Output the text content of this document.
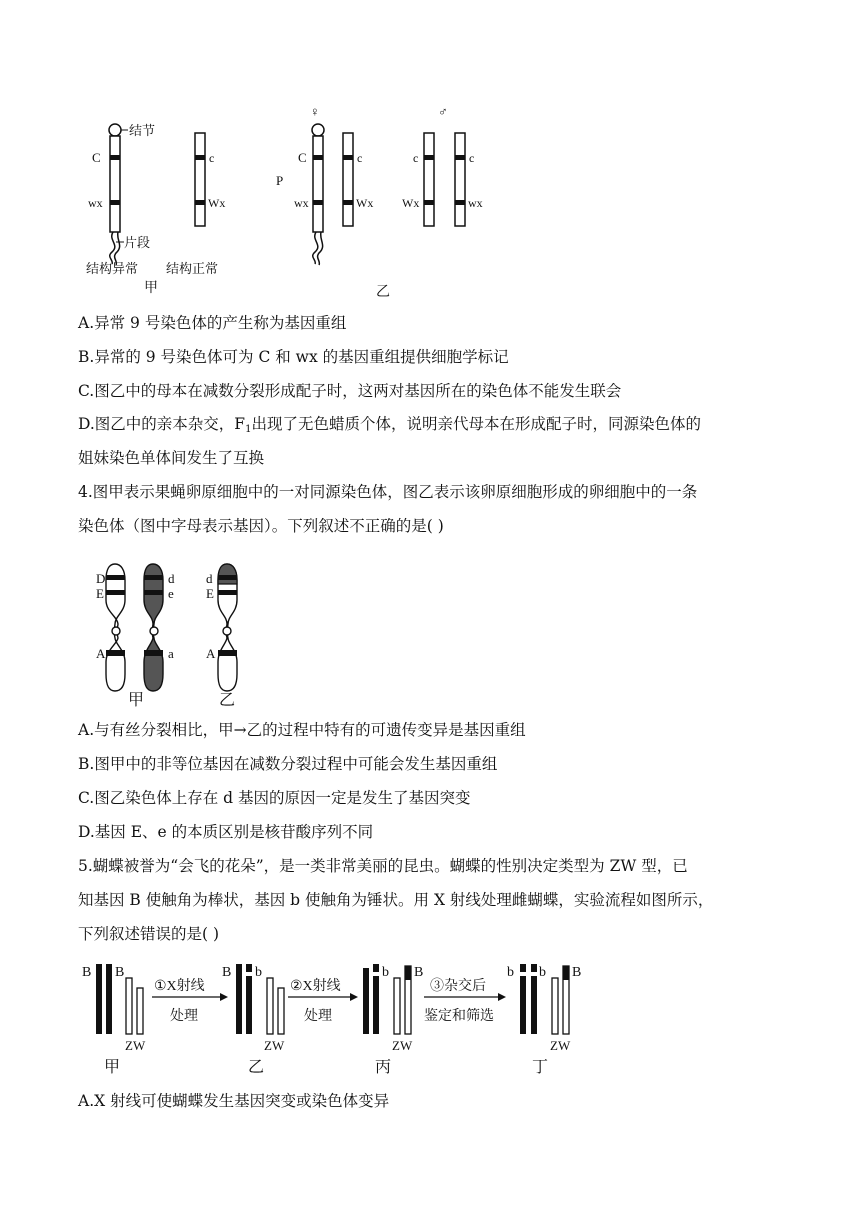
结节
C
wx
片段
c
Wx
结构异常 结构正常
甲
♀
P
C
wx
c
Wx
♂
c
Wx
c
wx
乙
A.异常 9 号染色体的产生称为基因重组
B.异常的 9 号染色体可为 C 和 wx 的基因重组提供细胞学标记
C.图乙中的母本在减数分裂形成配子时，这两对基因所在的染色体不能发生联会
D.图乙中的亲本杂交，$F_1$出现了无色蜡质个体，说明亲代母本在形成配子时，同源染色体的
姐妹染色单体间发生了互换
4.图甲表示果蝇卵原细胞中的一对同源染色体，图乙表示该卵原细胞形成的卵细胞中的一条
染色体（图中字母表示基因）。下列叙述不正确的是( )
D
E
A
d
e
a
d
E
A
甲	乙
A.与有丝分裂相比，甲→乙的过程中特有的可遗传变异是基因重组
B.图甲中的非等位基因在减数分裂过程中可能会发生基因重组
C.图乙染色体上存在 d 基因的原因一定是发生了基因突变
D.基因 E、e 的本质区别是核苷酸序列不同
5.蝴蝶被誉为“会飞的花朵”，是一类非常美丽的昆虫。蝴蝶的性别决定类型为 ZW 型，已
知基因 B 使触角为棒状，基因 b 使触角为锤状。用 X 射线处理雌蝴蝶，实验流程如图所示，
下列叙述错误的是( )
B B
ZW
甲
①X射线
处理
B b
ZW
乙
②X射线
处理
b B
ZW
丙
③杂交后
鉴定和筛选
b b B
ZW
丁
A.X 射线可使蝴蝶发生基因突变或染色体变异
